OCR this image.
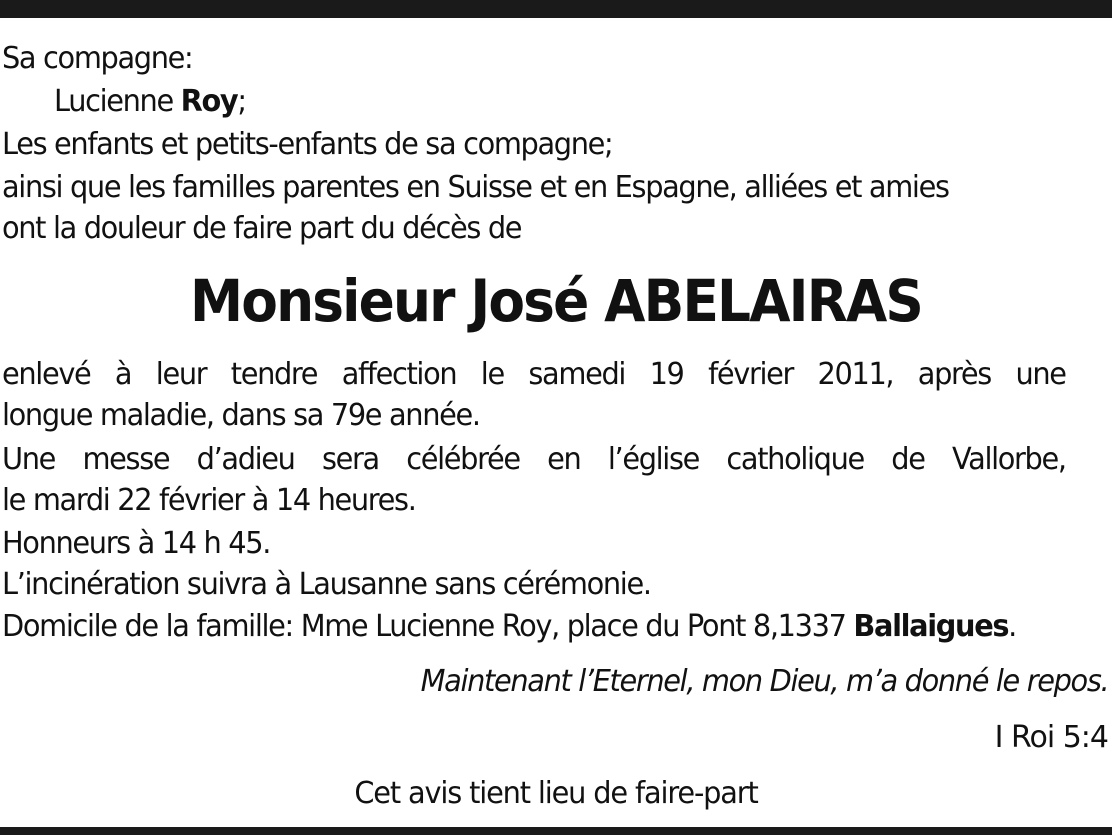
Sa compagne:
Lucienne Roy;
Les enfants et petits-enfants de sa compagne;
ainsi que les familles parentes en Suisse et en Espagne, alliées et amies
ont la douleur de faire part du décès de
Monsieur José ABELAIRAS
enlevé à leur tendre affection le samedi 19 février 2011, après une
longue maladie, dans sa 79e année.
Une messe d’adieu sera célébrée en l’église catholique de Vallorbe,
le mardi 22 février à 14 heures.
Honneurs à 14 h 45.
L’incinération suivra à Lausanne sans cérémonie.
Domicile de la famille: Mme Lucienne Roy, place du Pont 8,1337 Ballaigues.
Maintenant l’Eternel, mon Dieu, m’a donné le repos.
I Roi 5:4
Cet avis tient lieu de faire-part
